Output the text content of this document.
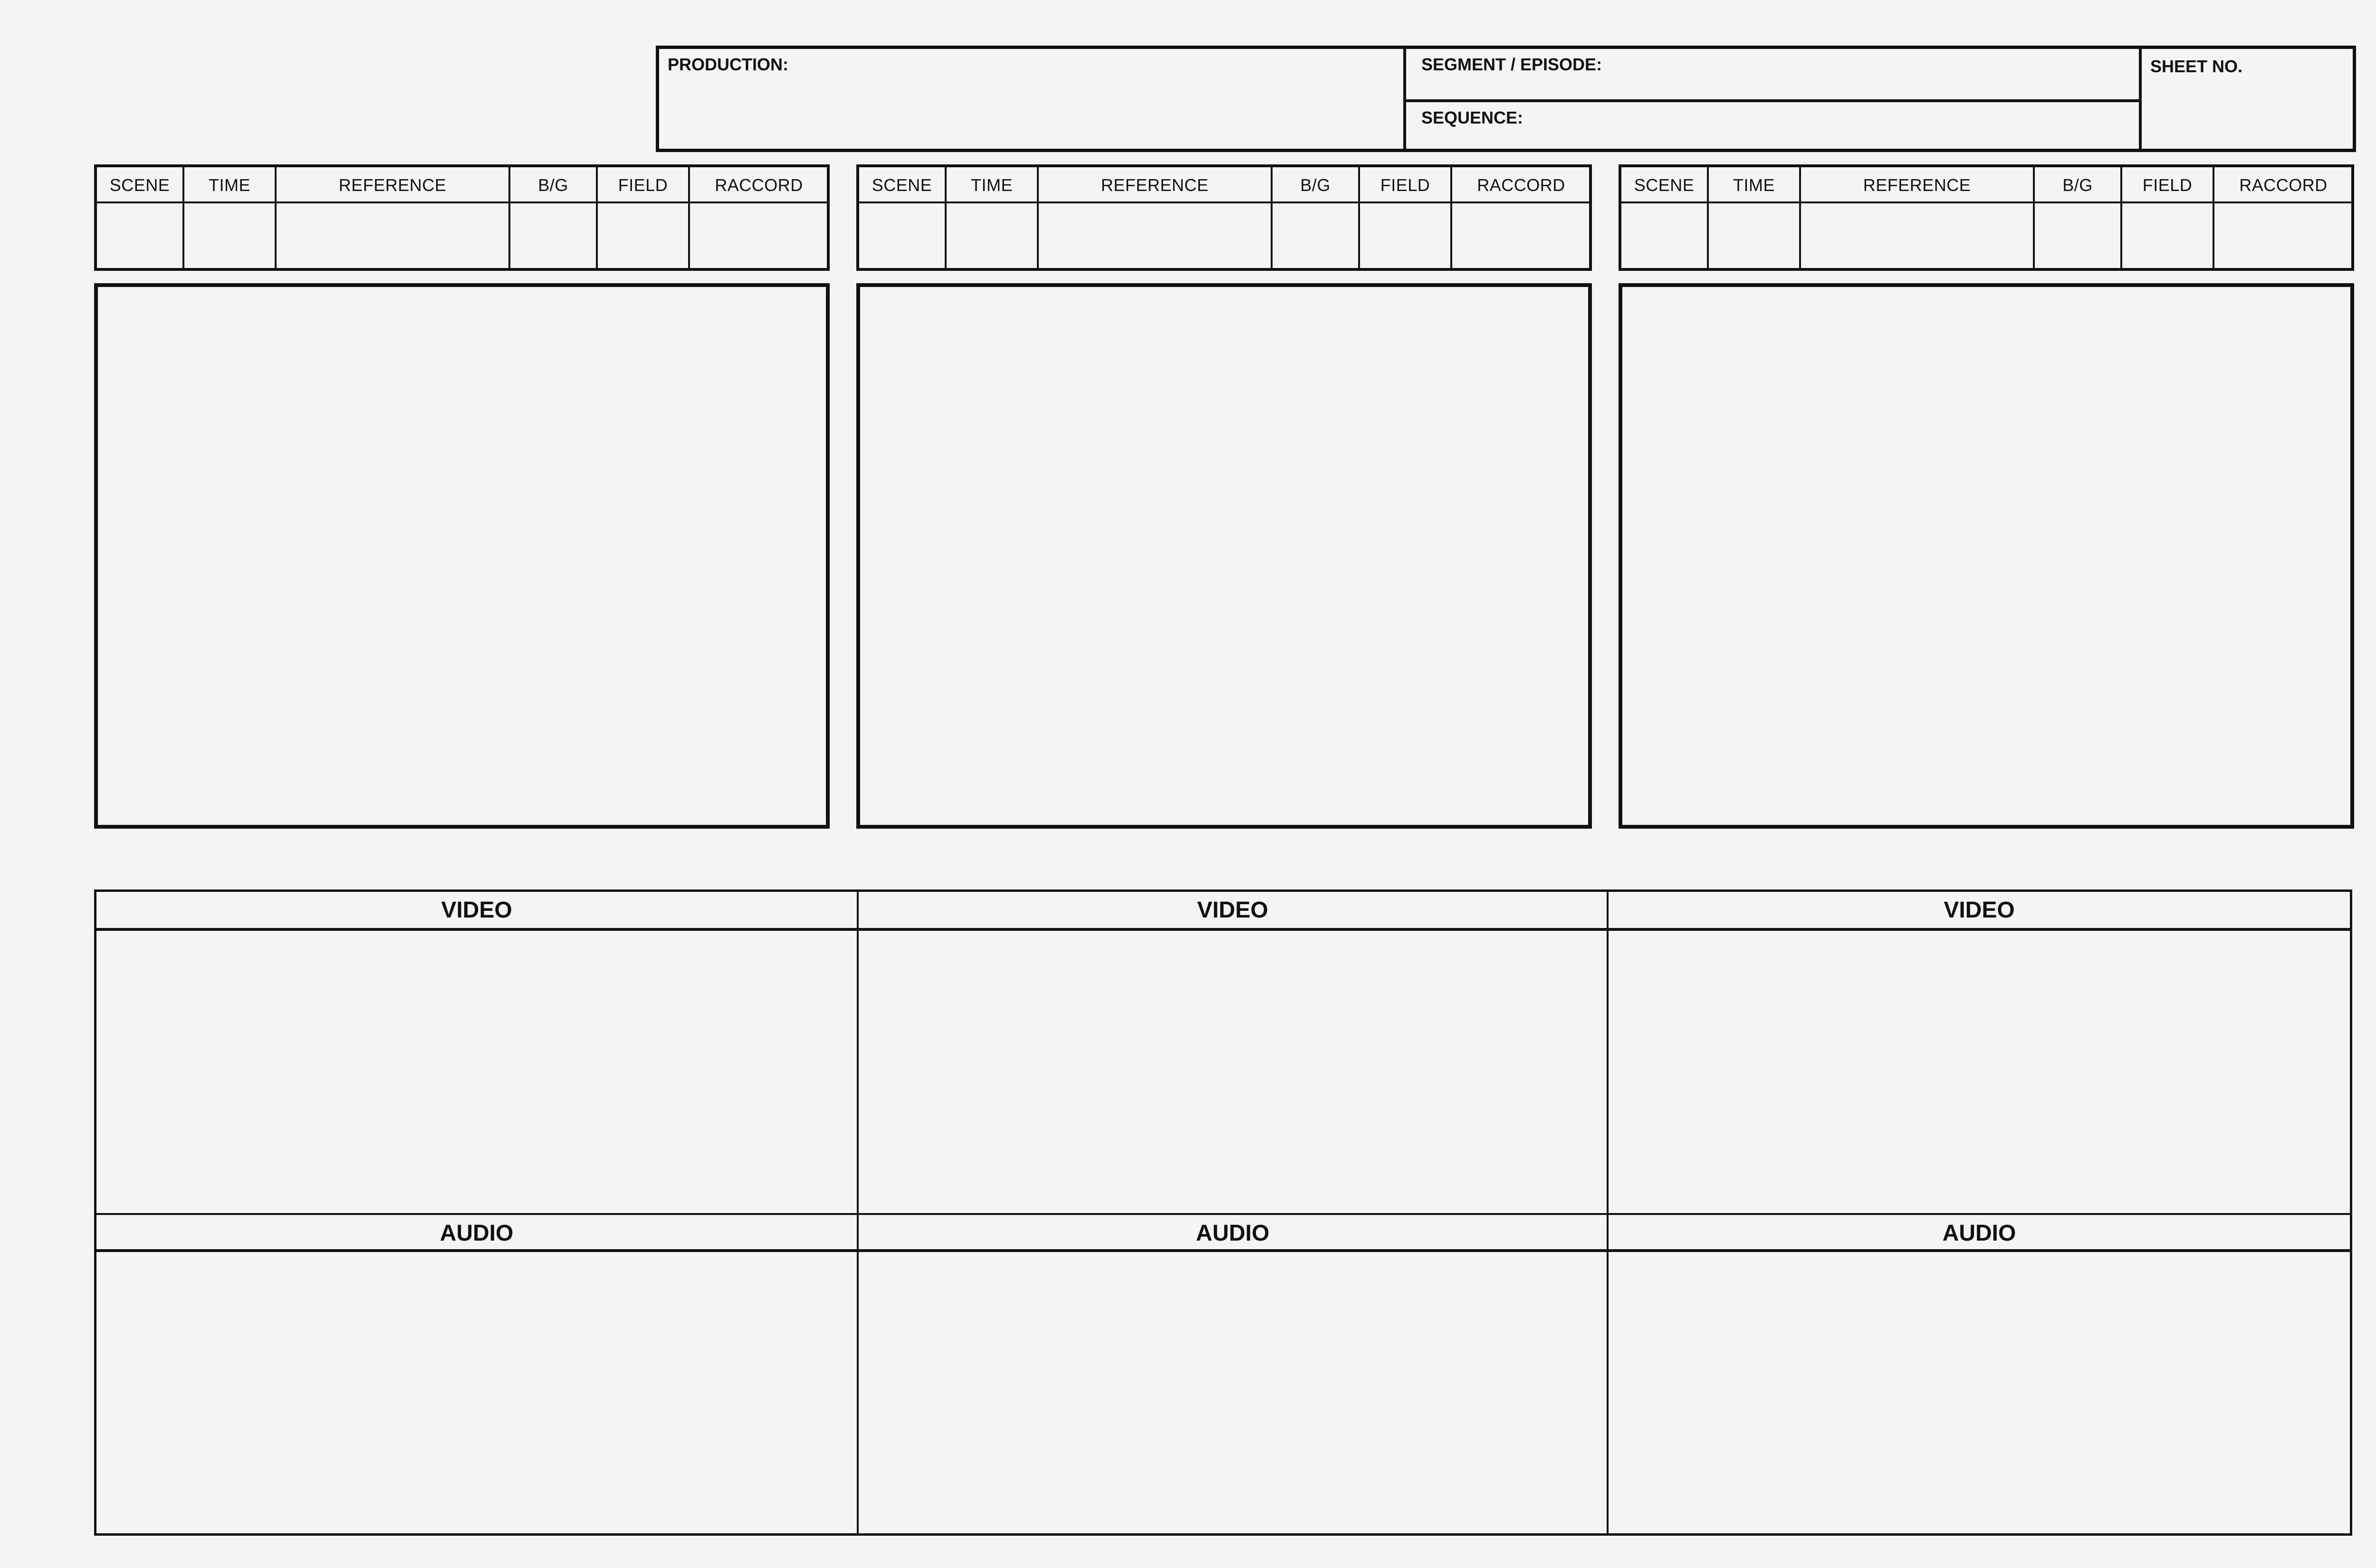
PRODUCTION:	SEGMENT / EPISODE:
SEQUENCE:
SHEET NO.
SCENE	TIME	REFERENCE	B/G	FIELD	RACCORD	SCENE	TIME	REFERENCE	B/G	FIELD	RACCORD	SCENE	TIME	REFERENCE	B/G	FIELD	RACCORD
VIDEO	VIDEO	VIDEO
AUDIO	AUDIO	AUDIO
